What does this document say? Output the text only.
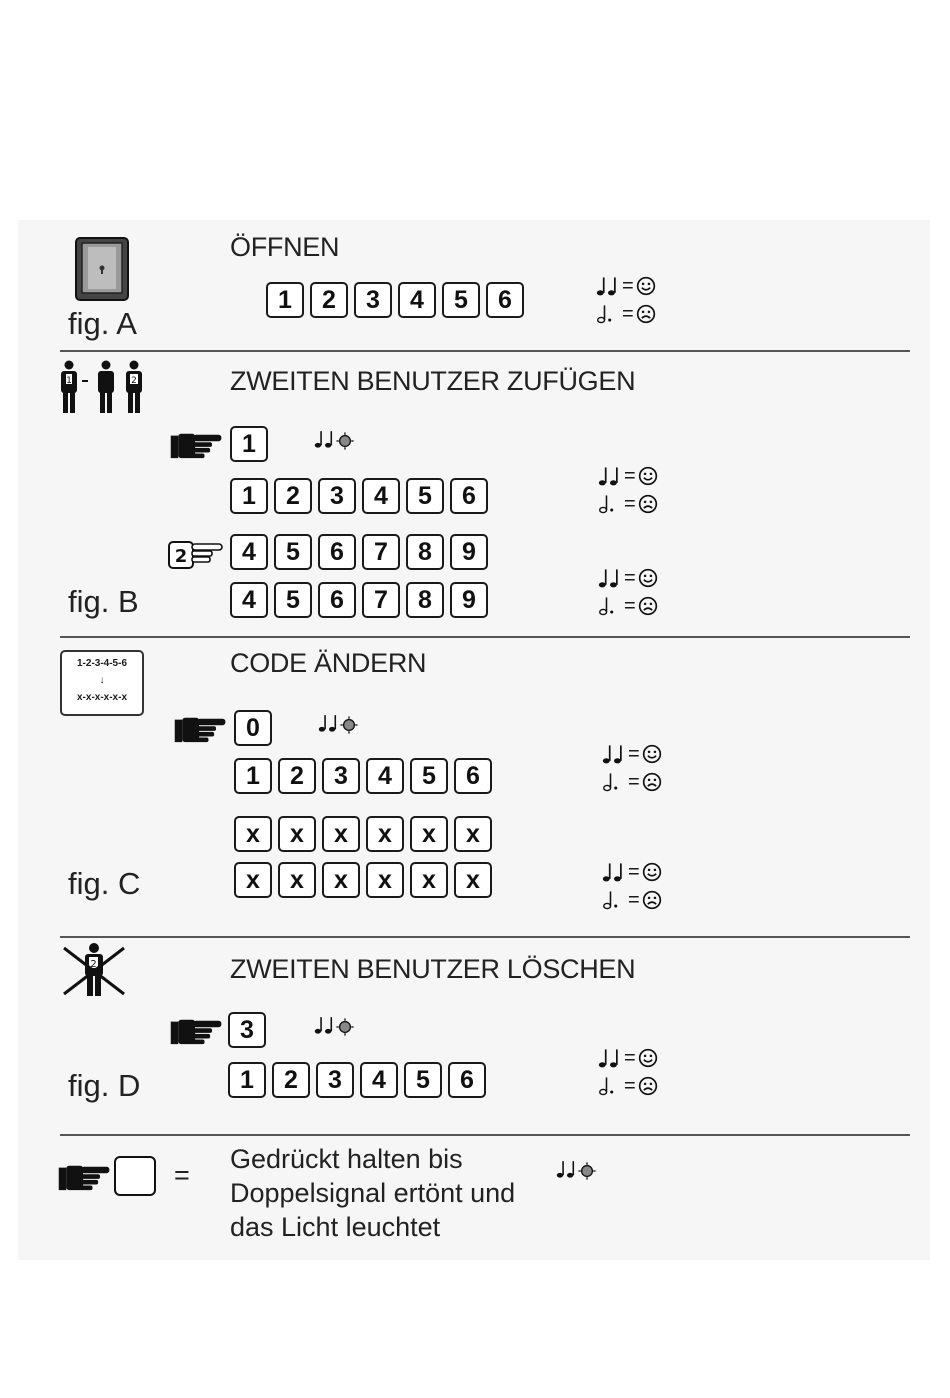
ÖFFNEN
fig. A
1	2	3	4	5	6	=
=
2
1	ZWEITEN BENUTZER ZUFÜGEN
1
1	2	3	4	5	6
=
=
2	4	5	6	7	8	9
fig. B	4	5	6	7	8	9
=
=
1-2-3-4-5-6
↓
x-x-x-x-x-x
CODE ÄNDERN
0
1	2	3	4	5	6
=
=
x	x	x	x	x	x
fig. C	x	x	x	x	x	x	=
=
2	ZWEITEN BENUTZER LÖSCHEN
3
fig. D	1	2	3	4	5	6
=
=
=
Gedrückt halten bis
Doppelsignal ertönt und
das Licht leuchtet
